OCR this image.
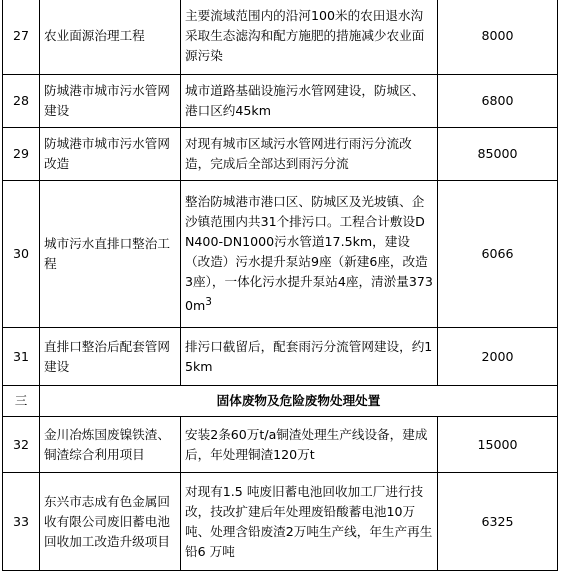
27	农业面源治理工程	主要流域范围内的沿河100米的农田退水沟采取生态滤沟和配方施肥的措施减少农业面源污染	8000
28	防城港市城市污水管网建设	城市道路基础设施污水管网建设，防城区、港口区约45km	6800
29	防城港市城市污水管网改造	对现有城市区域污水管网进行雨污分流改造，完成后全部达到雨污分流	85000
30	城市污水直排口整治工程	整治防城港市港口区、防城区及光坡镇、企沙镇范围内共31个排污口。工程合计敷设DN400-DN1000污水管道17.5km，建设（改造）污水提升泵站9座（新建6座，改造3座），一体化污水提升泵站4座，清淤量$3730m^3$	6066
31	直排口整治后配套管网建设	排污口截留后，配套雨污分流管网建设，约15km	2000
三	固体废物及危险废物处理处置		
32	金川冶炼国废镍铁渣、铜渣综合利用项目	安装2条60万t/a铜渣处理生产线设备，建成后，年处理铜渣120万t	15000
33	东兴市志成有色金属回收有限公司废旧蓄电池回收加工改造升级项目	对现有1.5 吨废旧蓄电池回收加工厂进行技改，技改扩建后年处理废铅酸蓄电池10万吨、处理含铅废渣2万吨生产线，年生产再生铅6 万吨	6325
